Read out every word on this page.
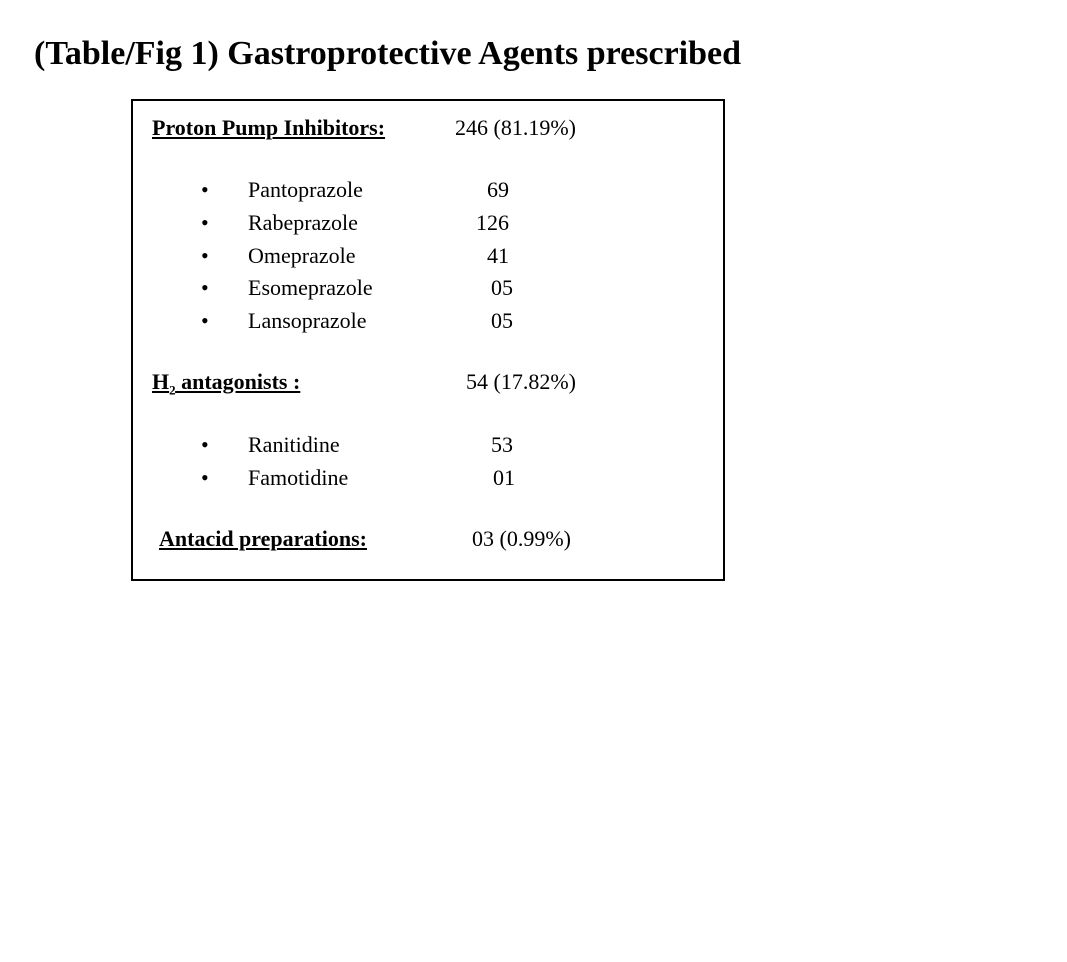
(Table/Fig 1) Gastroprotective Agents prescribed
Proton Pump Inhibitors:	246 (81.19%)
• Pantoprazole	69
• Rabeprazole	126
• Omeprazole	41
• Esomeprazole	05
• Lansoprazole	05
$H_2$ antagonists :	54 (17.82%)
• Ranitidine	53
• Famotidine	01
Antacid preparations:	03 (0.99%)
